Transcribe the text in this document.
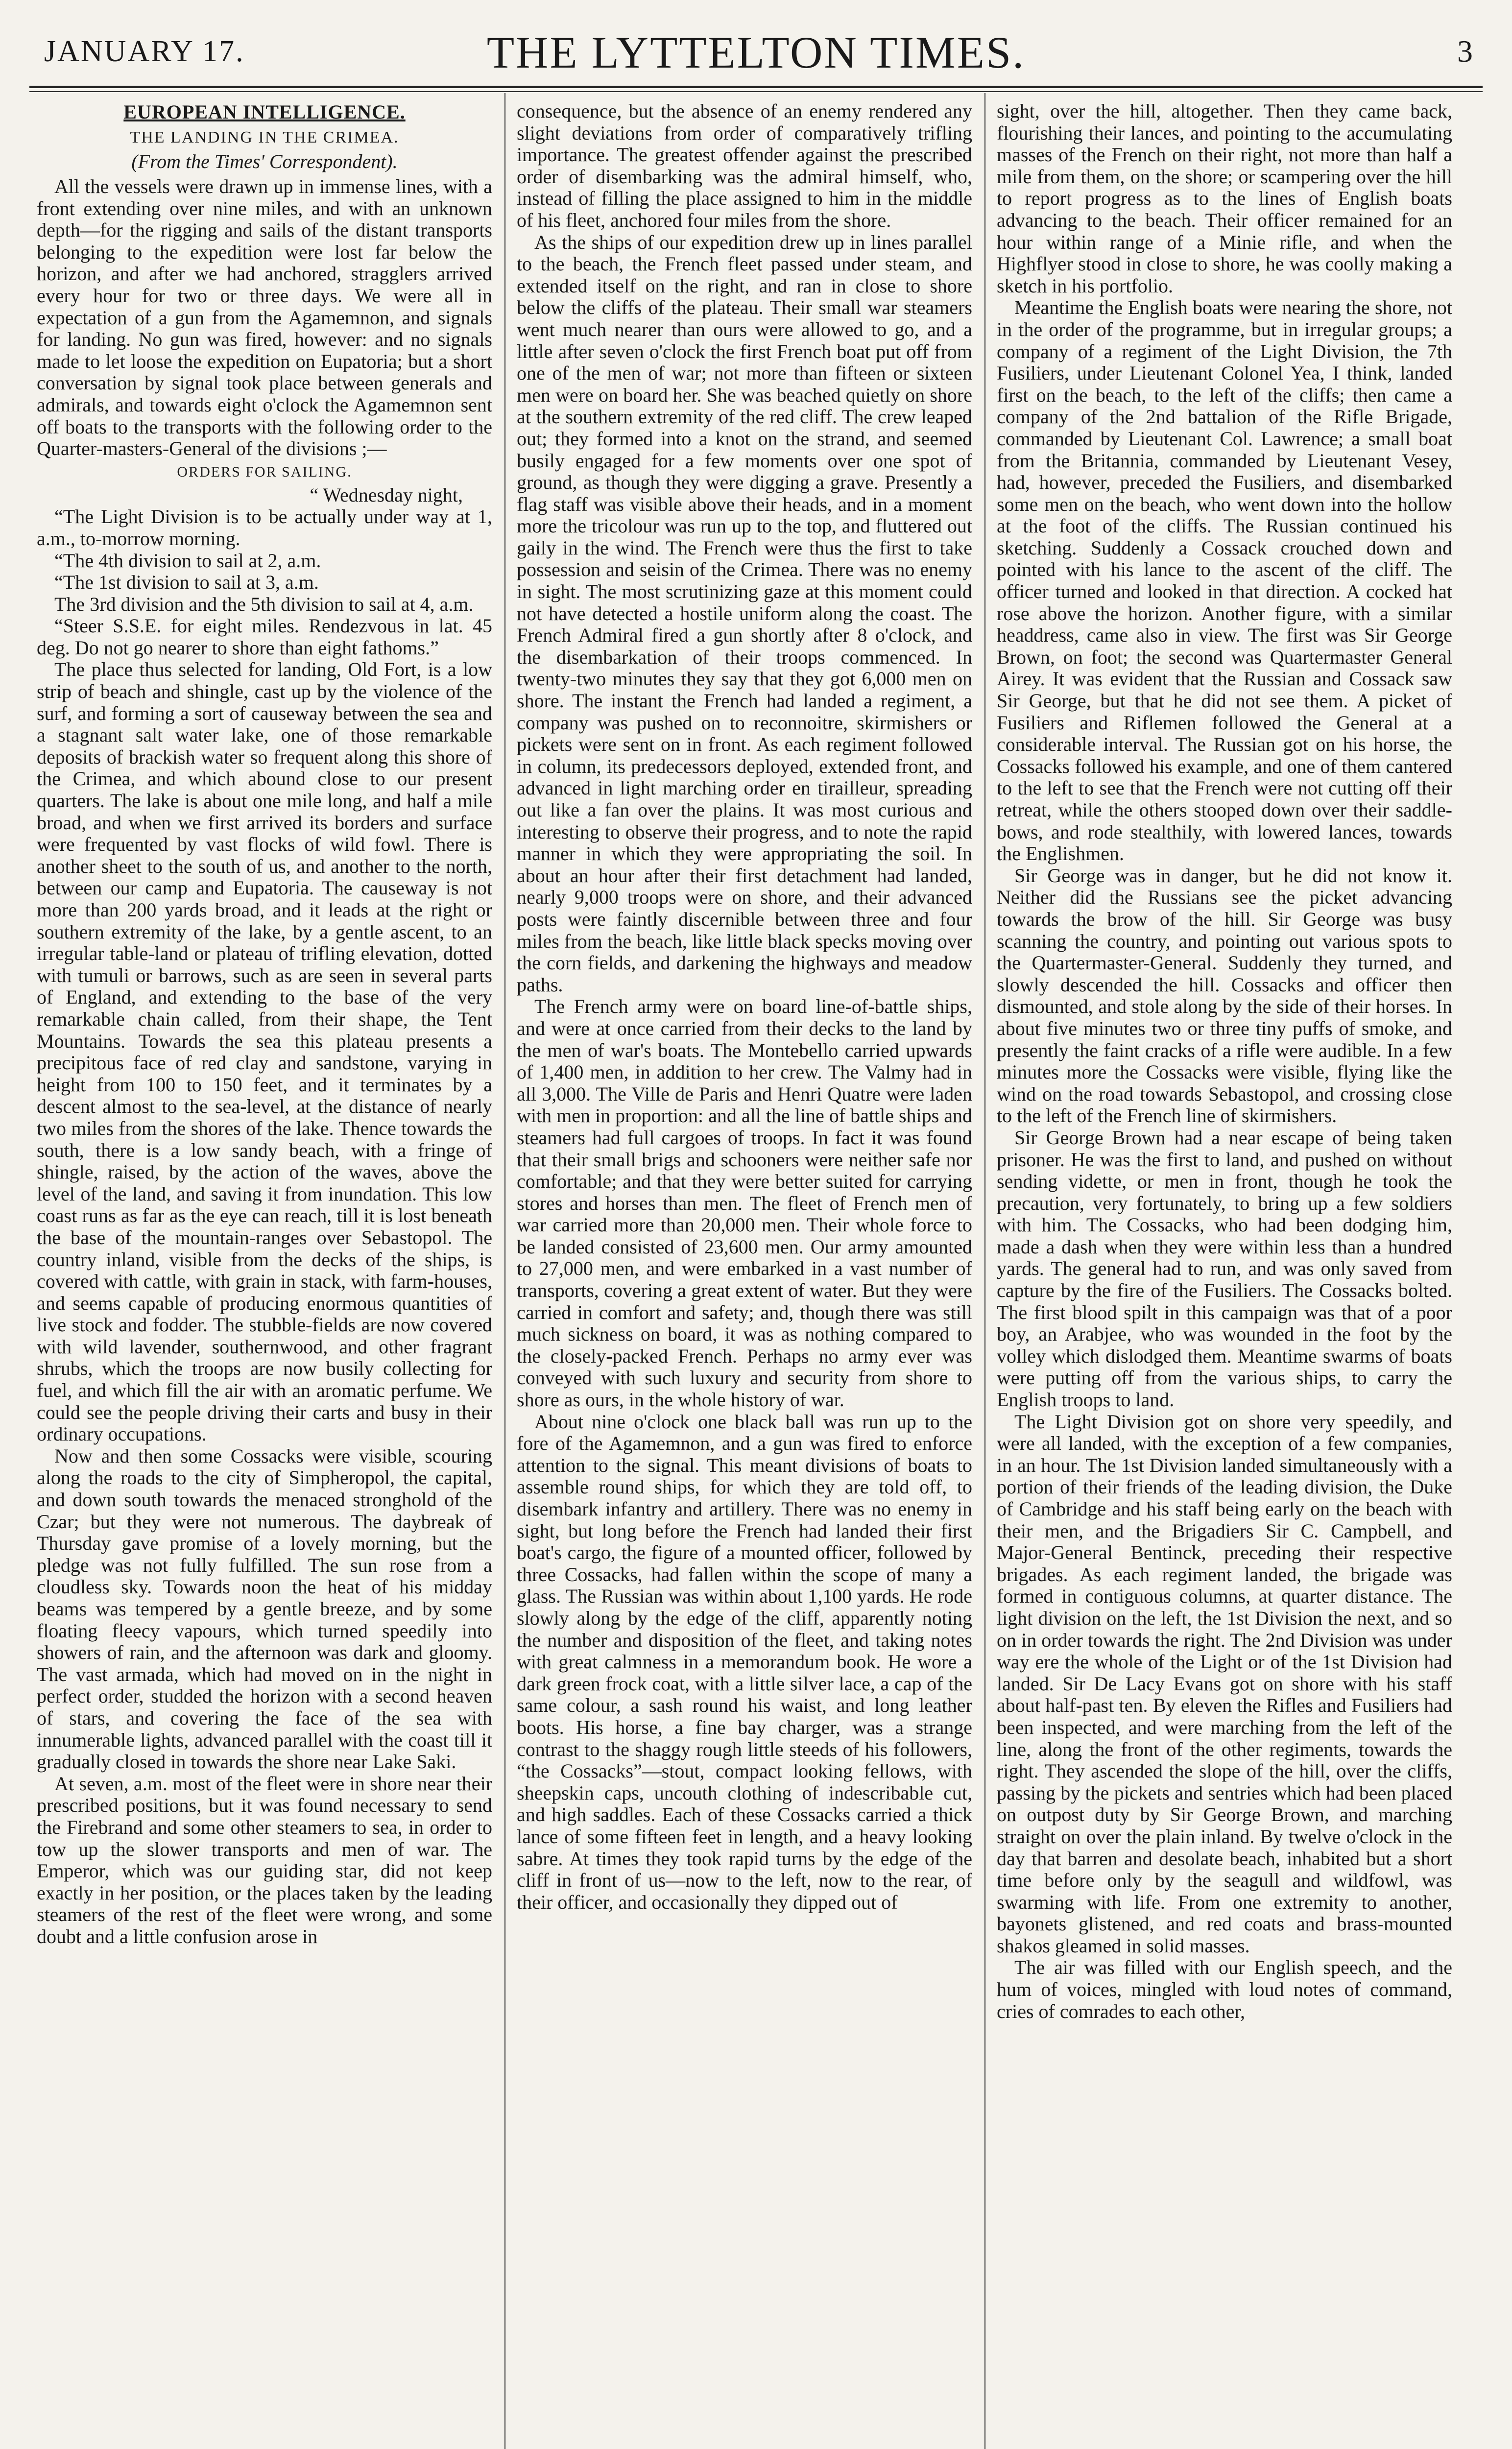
JANUARY 17.	THE LYTTELTON TIMES.	3
EUROPEAN INTELLIGENCE.
THE LANDING IN THE CRIMEA.
(From the Times' Correspondent).

All the vessels were drawn up in immense lines, with a front extending over nine miles, and with an unknown depth—for the rigging and sails of the distant transports belonging to the expedition were lost far below the horizon, and after we had anchored, stragglers arrived every hour for two or three days. We were all in expectation of a gun from the Agamemnon, and signals for landing. No gun was fired, however: and no signals made to let loose the expedition on Eupatoria; but a short conversation by signal took place between generals and admirals, and towards eight o'clock the Agamemnon sent off boats to the transports with the following order to the Quarter-masters-General of the divisions ;—

ORDERS FOR SAILING.

“ Wednesday night,

“The Light Division is to be actually under way at 1, a.m., to-morrow morning.

“The 4th division to sail at 2, a.m.

“The 1st division to sail at 3, a.m.

The 3rd division and the 5th division to sail at 4, a.m.

“Steer S.S.E. for eight miles. Rendezvous in lat. 45 deg. Do not go nearer to shore than eight fathoms.”

The place thus selected for landing, Old Fort, is a low strip of beach and shingle, cast up by the violence of the surf, and forming a sort of causeway between the sea and a stagnant salt water lake, one of those remarkable deposits of brackish water so frequent along this shore of the Crimea, and which abound close to our present quarters. The lake is about one mile long, and half a mile broad, and when we first arrived its borders and surface were frequented by vast flocks of wild fowl. There is another sheet to the south of us, and another to the north, between our camp and Eupatoria. The causeway is not more than 200 yards broad, and it leads at the right or southern extremity of the lake, by a gentle ascent, to an irregular table-land or plateau of trifling elevation, dotted with tumuli or barrows, such as are seen in several parts of England, and extending to the base of the very remarkable chain called, from their shape, the Tent Mountains. Towards the sea this plateau presents a precipitous face of red clay and sandstone, varying in height from 100 to 150 feet, and it terminates by a descent almost to the sea-level, at the distance of nearly two miles from the shores of the lake. Thence towards the south, there is a low sandy beach, with a fringe of shingle, raised, by the action of the waves, above the level of the land, and saving it from inundation. This low coast runs as far as the eye can reach, till it is lost beneath the base of the mountain-ranges over Sebastopol. The country inland, visible from the decks of the ships, is covered with cattle, with grain in stack, with farm-houses, and seems capable of producing enormous quantities of live stock and fodder. The stubble-fields are now covered with wild lavender, southernwood, and other fragrant shrubs, which the troops are now busily collecting for fuel, and which fill the air with an aromatic perfume. We could see the people driving their carts and busy in their ordinary occupations.

Now and then some Cossacks were visible, scouring along the roads to the city of Simpheropol, the capital, and down south towards the menaced stronghold of the Czar; but they were not numerous. The daybreak of Thursday gave promise of a lovely morning, but the pledge was not fully fulfilled. The sun rose from a cloudless sky. Towards noon the heat of his midday beams was tempered by a gentle breeze, and by some floating fleecy vapours, which turned speedily into showers of rain, and the afternoon was dark and gloomy. The vast armada, which had moved on in the night in perfect order, studded the horizon with a second heaven of stars, and covering the face of the sea with innumerable lights, advanced parallel with the coast till it gradually closed in towards the shore near Lake Saki.

At seven, a.m. most of the fleet were in shore near their prescribed positions, but it was found necessary to send the Firebrand and some other steamers to sea, in order to tow up the slower transports and men of war. The Emperor, which was our guiding star, did not keep exactly in her position, or the places taken by the leading steamers of the rest of the fleet were wrong, and some doubt and a little confusion arose in

consequence, but the absence of an enemy rendered any slight deviations from order of comparatively trifling importance. The greatest offender against the prescribed order of disembarking was the admiral himself, who, instead of filling the place assigned to him in the middle of his fleet, anchored four miles from the shore.

As the ships of our expedition drew up in lines parallel to the beach, the French fleet passed under steam, and extended itself on the right, and ran in close to shore below the cliffs of the plateau. Their small war steamers went much nearer than ours were allowed to go, and a little after seven o'clock the first French boat put off from one of the men of war; not more than fifteen or sixteen men were on board her. She was beached quietly on shore at the southern extremity of the red cliff. The crew leaped out; they formed into a knot on the strand, and seemed busily engaged for a few moments over one spot of ground, as though they were digging a grave. Presently a flag staff was visible above their heads, and in a moment more the tricolour was run up to the top, and fluttered out gaily in the wind. The French were thus the first to take possession and seisin of the Crimea. There was no enemy in sight. The most scrutinizing gaze at this moment could not have detected a hostile uniform along the coast. The French Admiral fired a gun shortly after 8 o'clock, and the disembarkation of their troops commenced. In twenty-two minutes they say that they got 6,000 men on shore. The instant the French had landed a regiment, a company was pushed on to reconnoitre, skirmishers or pickets were sent on in front. As each regiment followed in column, its predecessors deployed, extended front, and advanced in light marching order en tirailleur, spreading out like a fan over the plains. It was most curious and interesting to observe their progress, and to note the rapid manner in which they were appropriating the soil. In about an hour after their first detachment had landed, nearly 9,000 troops were on shore, and their advanced posts were faintly discernible between three and four miles from the beach, like little black specks moving over the corn fields, and darkening the highways and meadow paths.

The French army were on board line-of-battle ships, and were at once carried from their decks to the land by the men of war's boats. The Montebello carried upwards of 1,400 men, in addition to her crew. The Valmy had in all 3,000. The Ville de Paris and Henri Quatre were laden with men in proportion: and all the line of battle ships and steamers had full cargoes of troops. In fact it was found that their small brigs and schooners were neither safe nor comfortable; and that they were better suited for carrying stores and horses than men. The fleet of French men of war carried more than 20,000 men. Their whole force to be landed consisted of 23,600 men. Our army amounted to 27,000 men, and were embarked in a vast number of transports, covering a great extent of water. But they were carried in comfort and safety; and, though there was still much sickness on board, it was as nothing compared to the closely-packed French. Perhaps no army ever was conveyed with such luxury and security from shore to shore as ours, in the whole history of war.

About nine o'clock one black ball was run up to the fore of the Agamemnon, and a gun was fired to enforce attention to the signal. This meant divisions of boats to assemble round ships, for which they are told off, to disembark infantry and artillery. There was no enemy in sight, but long before the French had landed their first boat's cargo, the figure of a mounted officer, followed by three Cossacks, had fallen within the scope of many a glass. The Russian was within about 1,100 yards. He rode slowly along by the edge of the cliff, apparently noting the number and disposition of the fleet, and taking notes with great calmness in a memorandum book. He wore a dark green frock coat, with a little silver lace, a cap of the same colour, a sash round his waist, and long leather boots. His horse, a fine bay charger, was a strange contrast to the shaggy rough little steeds of his followers, “the Cossacks”—stout, compact looking fellows, with sheepskin caps, uncouth clothing of indescribable cut, and high saddles. Each of these Cossacks carried a thick lance of some fifteen feet in length, and a heavy looking sabre. At times they took rapid turns by the edge of the cliff in front of us—now to the left, now to the rear, of their officer, and occasionally they dipped out of

sight, over the hill, altogether. Then they came back, flourishing their lances, and pointing to the accumulating masses of the French on their right, not more than half a mile from them, on the shore; or scampering over the hill to report progress as to the lines of English boats advancing to the beach. Their officer remained for an hour within range of a Minie rifle, and when the Highflyer stood in close to shore, he was coolly making a sketch in his portfolio.

Meantime the English boats were nearing the shore, not in the order of the programme, but in irregular groups; a company of a regiment of the Light Division, the 7th Fusiliers, under Lieutenant Colonel Yea, I think, landed first on the beach, to the left of the cliffs; then came a company of the 2nd battalion of the Rifle Brigade, commanded by Lieutenant Col. Lawrence; a small boat from the Britannia, commanded by Lieutenant Vesey, had, however, preceded the Fusiliers, and disembarked some men on the beach, who went down into the hollow at the foot of the cliffs. The Russian continued his sketching. Suddenly a Cossack crouched down and pointed with his lance to the ascent of the cliff. The officer turned and looked in that direction. A cocked hat rose above the horizon. Another figure, with a similar headdress, came also in view. The first was Sir George Brown, on foot; the second was Quartermaster General Airey. It was evident that the Russian and Cossack saw Sir George, but that he did not see them. A picket of Fusiliers and Riflemen followed the General at a considerable interval. The Russian got on his horse, the Cossacks followed his example, and one of them cantered to the left to see that the French were not cutting off their retreat, while the others stooped down over their saddle-bows, and rode stealthily, with lowered lances, towards the Englishmen.

Sir George was in danger, but he did not know it. Neither did the Russians see the picket advancing towards the brow of the hill. Sir George was busy scanning the country, and pointing out various spots to the Quartermaster-General. Suddenly they turned, and slowly descended the hill. Cossacks and officer then dismounted, and stole along by the side of their horses. In about five minutes two or three tiny puffs of smoke, and presently the faint cracks of a rifle were audible. In a few minutes more the Cossacks were visible, flying like the wind on the road towards Sebastopol, and crossing close to the left of the French line of skirmishers.

Sir George Brown had a near escape of being taken prisoner. He was the first to land, and pushed on without sending vidette, or men in front, though he took the precaution, very fortunately, to bring up a few soldiers with him. The Cossacks, who had been dodging him, made a dash when they were within less than a hundred yards. The general had to run, and was only saved from capture by the fire of the Fusiliers. The Cossacks bolted. The first blood spilt in this campaign was that of a poor boy, an Arabjee, who was wounded in the foot by the volley which dislodged them. Meantime swarms of boats were putting off from the various ships, to carry the English troops to land.

The Light Division got on shore very speedily, and were all landed, with the exception of a few companies, in an hour. The 1st Division landed simultaneously with a portion of their friends of the leading division, the Duke of Cambridge and his staff being early on the beach with their men, and the Brigadiers Sir C. Campbell, and Major-General Bentinck, preceding their respective brigades. As each regiment landed, the brigade was formed in contiguous columns, at quarter distance. The light division on the left, the 1st Division the next, and so on in order towards the right. The 2nd Division was under way ere the whole of the Light or of the 1st Division had landed. Sir De Lacy Evans got on shore with his staff about half-past ten. By eleven the Rifles and Fusiliers had been inspected, and were marching from the left of the line, along the front of the other regiments, towards the right. They ascended the slope of the hill, over the cliffs, passing by the pickets and sentries which had been placed on outpost duty by Sir George Brown, and marching straight on over the plain inland. By twelve o'clock in the day that barren and desolate beach, inhabited but a short time before only by the seagull and wildfowl, was swarming with life. From one extremity to another, bayonets glistened, and red coats and brass-mounted shakos gleamed in solid masses.

The air was filled with our English speech, and the hum of voices, mingled with loud notes of command, cries of comrades to each other,
